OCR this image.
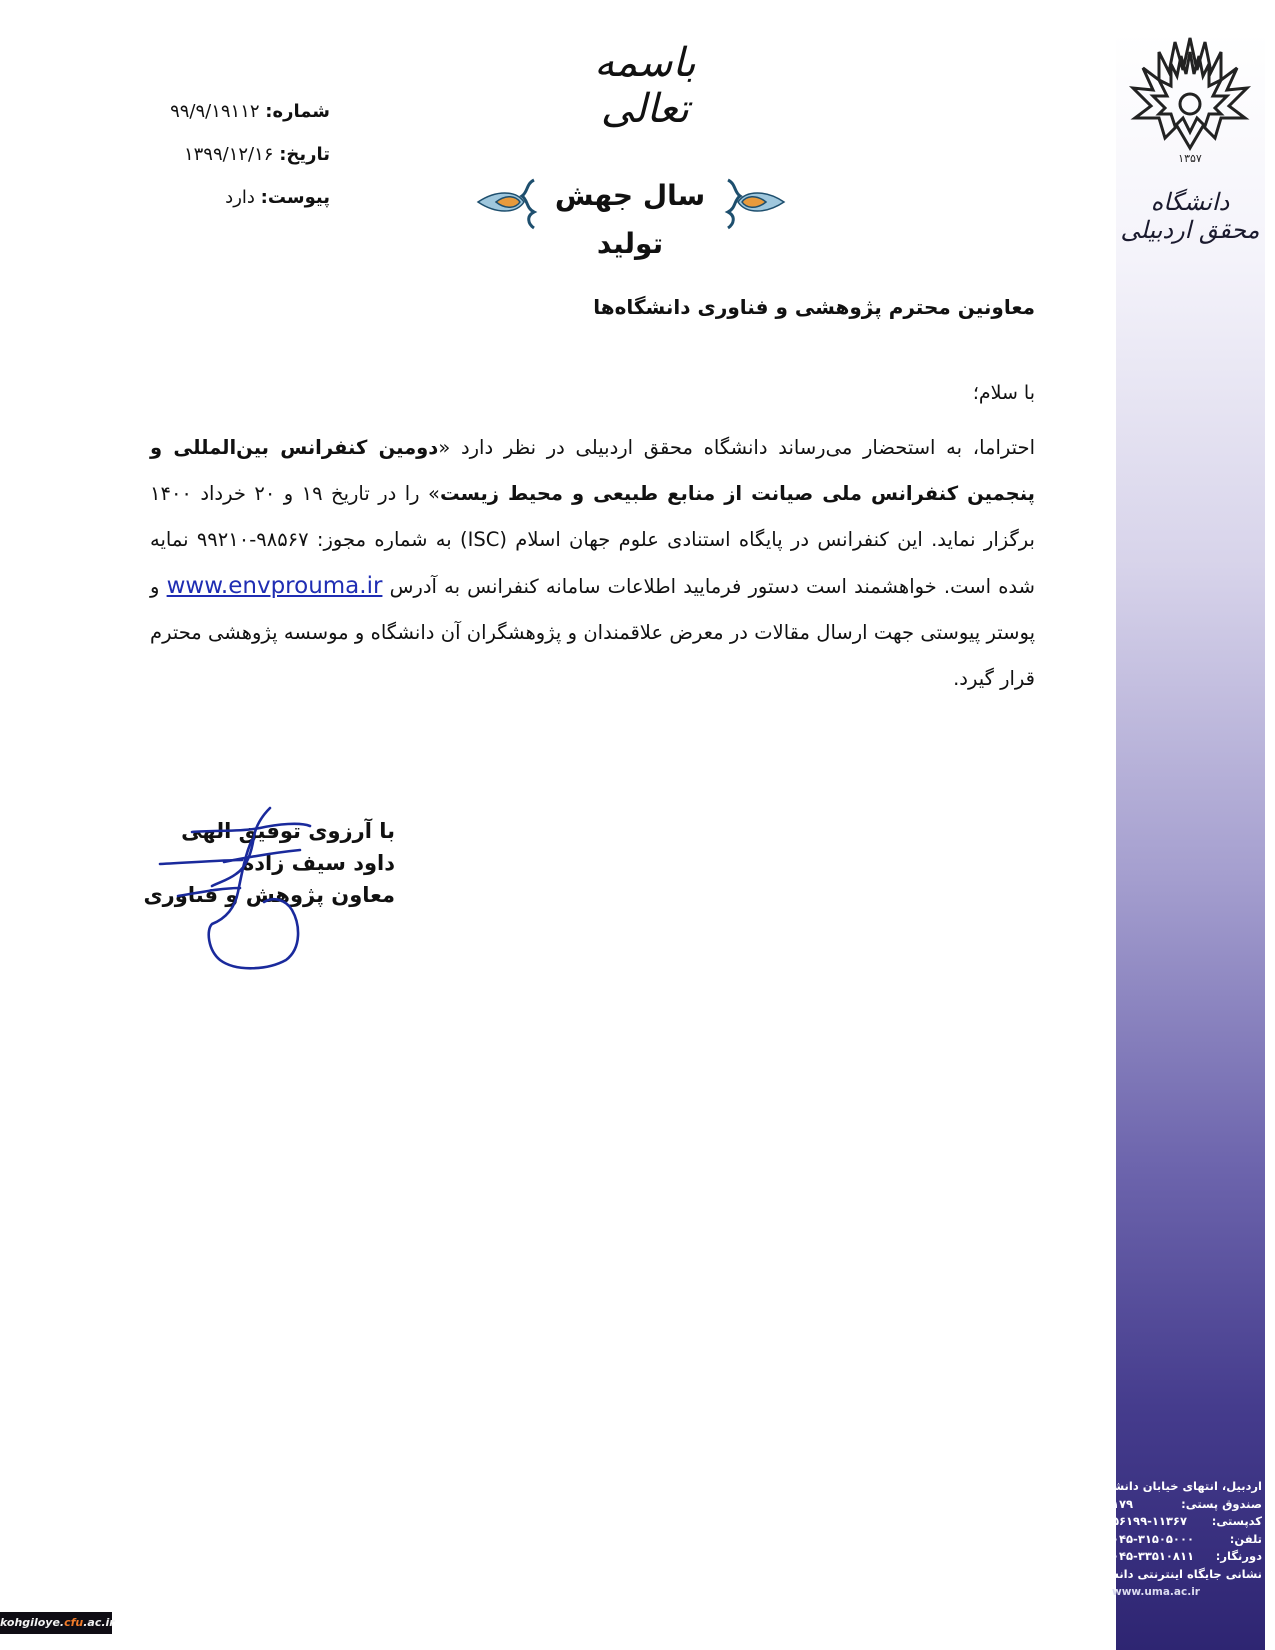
۱۳۵۷
دانشگاه محقق اردبیلی
باسمه تعالی
شماره: ۹۹/۹/۱۹۱۱۲
تاریخ: ۱۳۹۹/۱۲/۱۶
پیوست: دارد	سال جهش تولید
معاونین محترم پژوهشی و فناوری دانشگاه‌ها
با سلام؛
احتراما، به استحضار می‌رساند دانشگاه محقق اردبیلی در نظر دارد «دومین کنفرانس بین‌المللی و پنجمین کنفرانس ملی صیانت از منابع طبیعی و محیط زیست» را در تاریخ ۱۹ و ۲۰ خرداد ۱۴۰۰ برگزار نماید. این کنفرانس در پایگاه استنادی علوم جهان اسلام (ISC) به شماره مجوز: ۹۸۵۶۷-۹۹۲۱۰ نمایه شده است. خواهشمند است دستور فرمایید اطلاعات سامانه کنفرانس به آدرس www.envprouma.ir و پوستر پیوستی جهت ارسال مقالات در معرض علاقمندان و پژوهشگران آن دانشگاه و موسسه پژوهشی محترم قرار گیرد.
با آرزوی توفیق الهی
داود سیف زاده
معاون پژوهش و فناوری
اردبیل، انتهای خیابان دانشگاه
صندوق پستی:
۱۷۹
کدپستی:
۵۶۱۹۹-۱۱۳۶۷
تلفن:
۰۴۵-۳۱۵۰۵۰۰۰
دورنگار:
۰۴۵-۳۳۵۱۰۸۱۱
نشانی جایگاه اینترنتی دانشگاه
www.uma.ac.ir
kohgiloye.cfu.ac.ir
